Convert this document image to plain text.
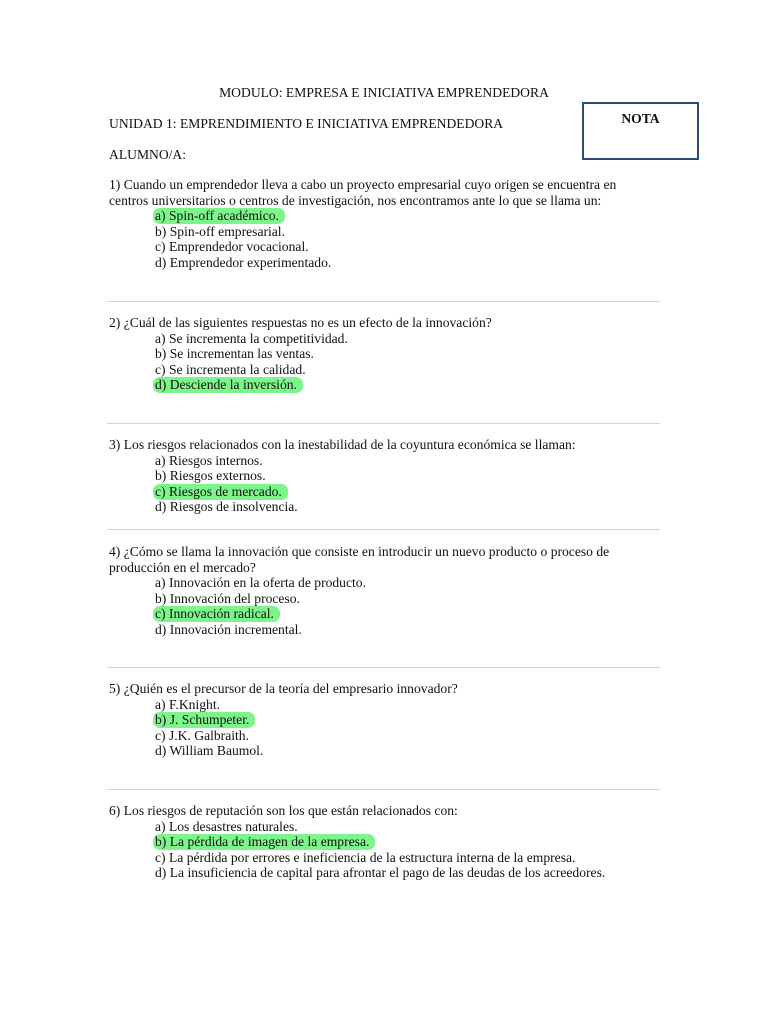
MODULO: EMPRESA E INICIATIVA EMPRENDEDORA
UNIDAD 1: EMPRENDIMIENTO E INICIATIVA EMPRENDEDORA
ALUMNO/A:
NOTA
1) Cuando un emprendedor lleva a cabo un proyecto empresarial cuyo origen se encuentra en
centros universitarios o centros de investigación, nos encontramos ante lo que se llama un:
a) Spin-off académico.
b) Spin-off empresarial.
c) Emprendedor vocacional.
d) Emprendedor experimentado.
2) ¿Cuál de las siguientes respuestas no es un efecto de la innovación?
a) Se incrementa la competitividad.
b) Se incrementan las ventas.
c) Se incrementa la calidad.
d) Desciende la inversión.
3) Los riesgos relacionados con la inestabilidad de la coyuntura económica se llaman:
a) Riesgos internos.
b) Riesgos externos.
c) Riesgos de mercado.
d) Riesgos de insolvencia.
4) ¿Cómo se llama la innovación que consiste en introducir un nuevo producto o proceso de
producción en el mercado?
a) Innovación en la oferta de producto.
b) Innovación del proceso.
c) Innovación radical.
d) Innovación incremental.
5) ¿Quién es el precursor de la teoría del empresario innovador?
a) F.Knight.
b) J. Schumpeter.
c) J.K. Galbraith.
d) William Baumol.
6) Los riesgos de reputación son los que están relacionados con:
a) Los desastres naturales.
b) La pérdida de imagen de la empresa.
c) La pérdida por errores e ineficiencia de la estructura interna de la empresa.
d) La insuficiencia de capital para afrontar el pago de las deudas de los acreedores.
